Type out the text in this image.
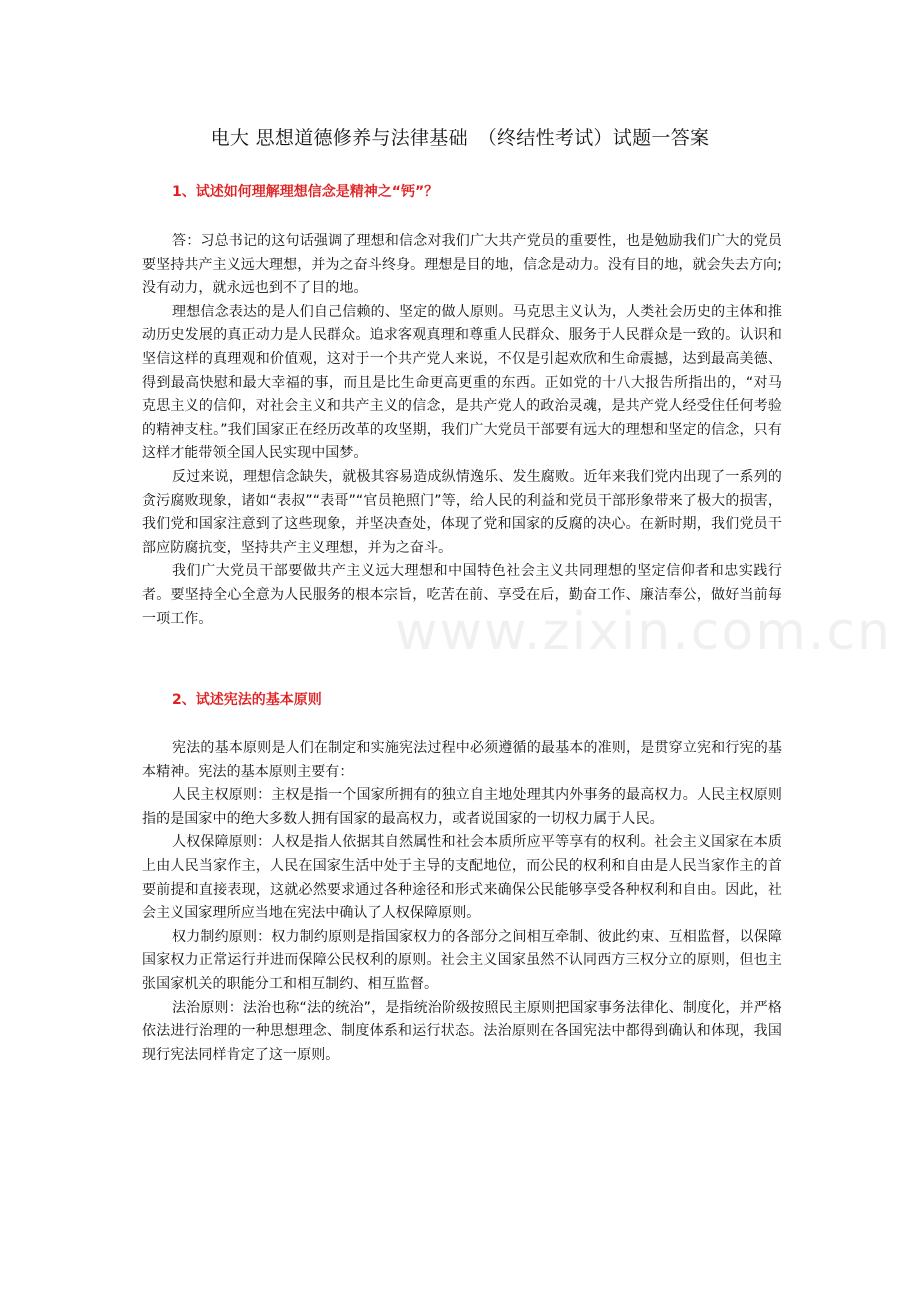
www.zixin.com.cn
电大 思想道德修养与法律基础　（终结性考试）试题一答案
1、试述如何理解理想信念是精神之“钙”？

答：习总书记的这句话强调了理想和信念对我们广大共产党员的重要性，也是勉励我们广大的党员要坚持共产主义远大理想，并为之奋斗终身。理想是目的地，信念是动力。没有目的地，就会失去方向;没有动力，就永远也到不了目的地。

理想信念表达的是人们自己信赖的、坚定的做人原则。马克思主义认为，人类社会历史的主体和推动历史发展的真正动力是人民群众。追求客观真理和尊重人民群众、服务于人民群众是一致的。认识和坚信这样的真理观和价值观，这对于一个共产党人来说，不仅是引起欢欣和生命震撼，达到最高美德、得到最高快慰和最大幸福的事，而且是比生命更高更重的东西。正如党的十八大报告所指出的，“对马克思主义的信仰，对社会主义和共产主义的信念，是共产党人的政治灵魂，是共产党人经受住任何考验的精神支柱。”我们国家正在经历改革的攻坚期，我们广大党员干部要有远大的理想和坚定的信念，只有这样才能带领全国人民实现中国梦。

反过来说，理想信念缺失，就极其容易造成纵情逸乐、发生腐败。近年来我们党内出现了一系列的贪污腐败现象，诸如“表叔”“表哥”“官员艳照门”等，给人民的利益和党员干部形象带来了极大的损害，我们党和国家注意到了这些现象，并坚决查处，体现了党和国家的反腐的决心。在新时期，我们党员干部应防腐抗变，坚持共产主义理想，并为之奋斗。

我们广大党员干部要做共产主义远大理想和中国特色社会主义共同理想的坚定信仰者和忠实践行者。要坚持全心全意为人民服务的根本宗旨，吃苦在前、享受在后，勤奋工作、廉洁奉公，做好当前每一项工作。

2、试述宪法的基本原则

宪法的基本原则是人们在制定和实施宪法过程中必须遵循的最基本的准则，是贯穿立宪和行宪的基本精神。宪法的基本原则主要有：

人民主权原则：主权是指一个国家所拥有的独立自主地处理其内外事务的最高权力。人民主权原则指的是国家中的绝大多数人拥有国家的最高权力，或者说国家的一切权力属于人民。

人权保障原则：人权是指人依据其自然属性和社会本质所应平等享有的权利。社会主义国家在本质上由人民当家作主，人民在国家生活中处于主导的支配地位，而公民的权利和自由是人民当家作主的首要前提和直接表现，这就必然要求通过各种途径和形式来确保公民能够享受各种权利和自由。因此，社会主义国家理所应当地在宪法中确认了人权保障原则。

权力制约原则：权力制约原则是指国家权力的各部分之间相互牵制、彼此约束、互相监督，以保障国家权力正常运行并进而保障公民权利的原则。社会主义国家虽然不认同西方三权分立的原则，但也主张国家机关的职能分工和相互制约、相互监督。

法治原则：法治也称“法的统治”，是指统治阶级按照民主原则把国家事务法律化、制度化，并严格依法进行治理的一种思想理念、制度体系和运行状态。法治原则在各国宪法中都得到确认和体现，我国现行宪法同样肯定了这一原则。
